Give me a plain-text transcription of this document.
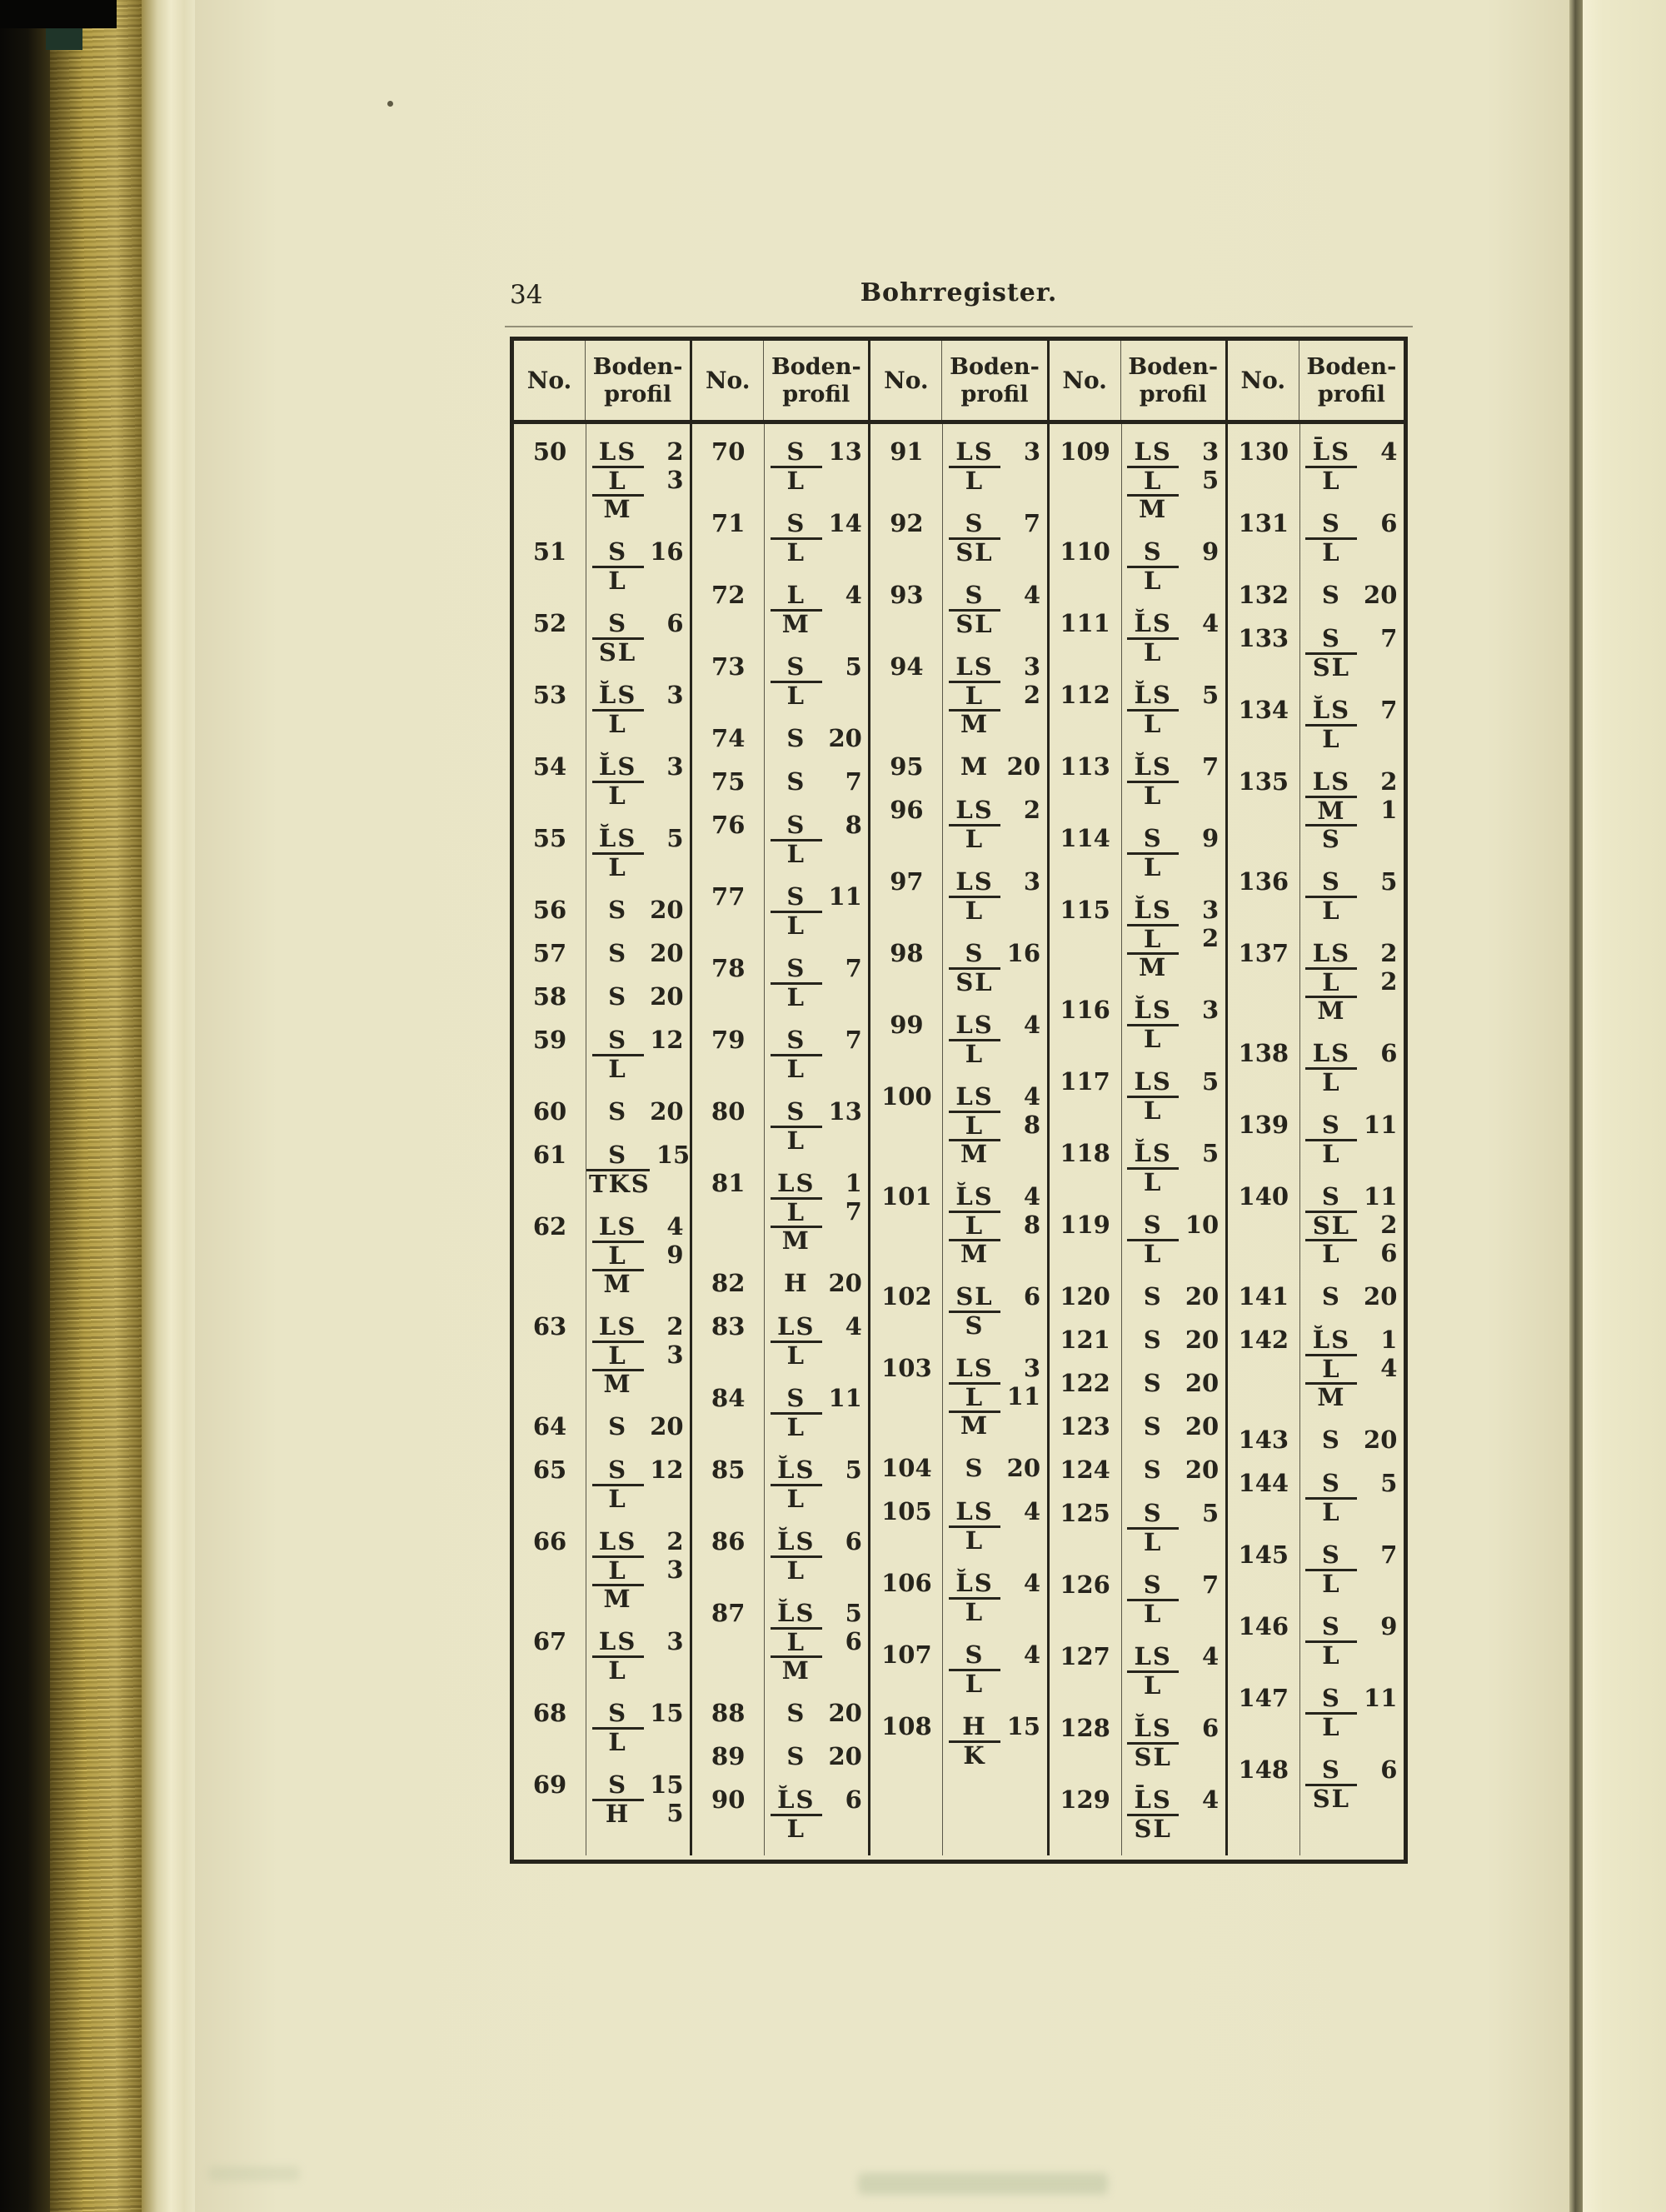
34	Bohrregister.
No. Boden-
profil	No. Boden-
profil	No. Boden-
profil	No. Boden-
profil	No. Boden-
profil
50	LS	2
L	3
M
51	S 16
L
52	S	6
SL
53	L̆S	3
L
54	L̆S	3
L
55	L̆S	5
L
56	S 20
57	S 20
58	S 20
59	S 12
L
60	S 20
61	S	15
TKS
62	LS	4
L	9
M
63	LS	2
L	3
M
64	S 20
65	S 12
L
66	LS	2
L	3
M
67	LS	3
L
68	S 15
L
69	S 15
H	5
70	S 13
L
71	S 14
L
72	L	4
M
73	S	5
L
74	S 20
75	S	7
76	S	8
L
77	S 11
L
78	S	7
L
79	S	7
L
80	S 13
L
81	LS	1
L	7
M
82	H 20
83	LS	4
L
84	S 11
L
85	L̆S	5
L
86	L̆S	6
L
87	L̆S	5
L	6
M
88	S 20
89	S 20
90	L̆S	6
L
91	LS	3
L
92	S	7
SL
93	S	4
SL
94	LS	3
L	2
M
95	M 20
96	LS	2
L
97	LS	3
L
98	S 16
SL
99	LS	4
L
100 LS	4
L	8
M
101 L̆S	4
L	8
M
102 SL	6
S
103 LS	3
L 11
M
104	S 20
105 LS	4
L
106 L̆S	4
L
107	S	4
L
108	H 15
K
109 LS	3
L	5
M
110	S	9
L
111 L̆S	4
L
112 L̆S	5
L
113 L̆S	7
L
114	S	9
L
115 L̆S	3
L	2
M
116 L̆S	3
L
117 LS	5
L
118 L̆S	5
L
119	S 10
L
120	S 20
121	S 20
122	S 20
123	S 20
124	S 20
125	S	5
L
126	S	7
L
127 LS	4
L
128 L̆S	6
SL
129 L̄S	4
SL
130 L̄S	4
L
131	S	6
L
132	S 20
133	S	7
SL
134 L̆S	7
L
135 LS	2
M	1
S
136	S	5
L
137 LS	2
L	2
M
138 LS	6
L
139	S 11
L
140	S 11
SL	2
L	6
141	S 20
142 L̆S	1
L	4
M
143	S 20
144	S	5
L
145	S	7
L
146	S	9
L
147	S 11
L
148	S	6
SL
